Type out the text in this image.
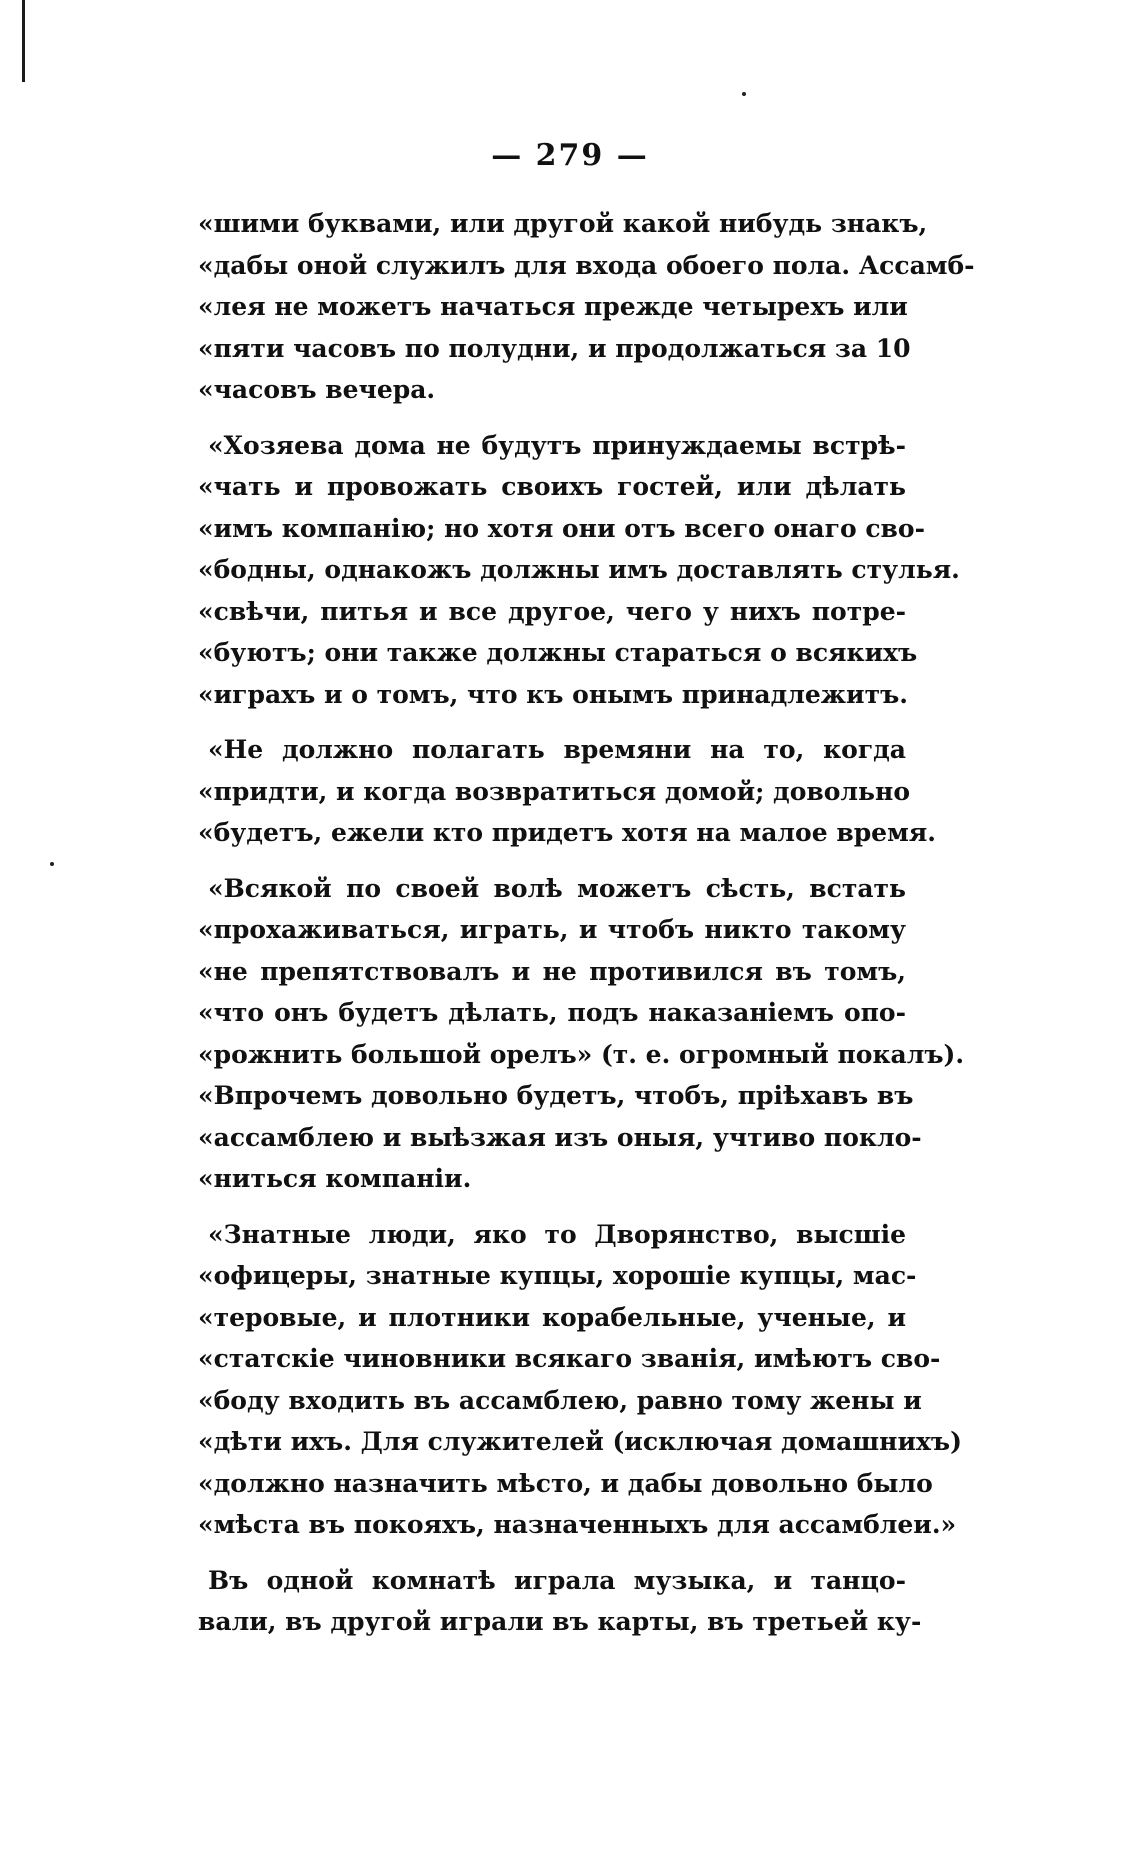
— 279 —
«шими буквами, или другой какой нибудь знакъ,
«дабы оной служилъ для входа обоего пола. Ассамб-
«лея не можетъ начаться прежде четырехъ или
«пяти часовъ по полудни, и продолжаться за 10
«часовъ вечера.
«Хозяева дома не будутъ принуждаемы встрѣ-
«чать и провожать своихъ гостей, или дѣлать
«имъ компанію; но хотя они отъ всего онаго сво-
«бодны, однакожъ должны имъ доставлять стулья.
«свѣчи, питья и все другое, чего у нихъ потре-
«буютъ; они также должны стараться о всякихъ
«играхъ и о томъ, что къ онымъ принадлежитъ.
«Не должно полагать времяни на то, когда
«придти, и когда возвратиться домой; довольно
«будетъ, ежели кто придетъ хотя на малое время.
«Всякой по своей волѣ можетъ сѣсть, встать
«прохаживаться, играть, и чтобъ никто такому
«не препятствовалъ и не противился въ томъ,
«что онъ будетъ дѣлать, подъ наказаніемъ опо-
«рожнить большой орелъ» (т. е. огромный покалъ).
«Впрочемъ довольно будетъ, чтобъ, пріѣхавъ въ
«ассамблею и выѣзжая изъ оныя, учтиво покло-
«ниться компаніи.
«Знатные люди, яко то Дворянство, высшіе
«офицеры, знатные купцы, хорошіе купцы, мас-
«теровые, и плотники корабельные, ученые, и
«статскіе чиновники всякаго званія, имѣютъ сво-
«боду входить въ ассамблею, равно тому жены и
«дѣти ихъ. Для служителей (исключая домашнихъ)
«должно назначить мѣсто, и дабы довольно было
«мѣста въ покояхъ, назначенныхъ для ассамблеи.»
Въ одной комнатѣ играла музыка, и танцо-
вали, въ другой играли въ карты, въ третьей ку-
